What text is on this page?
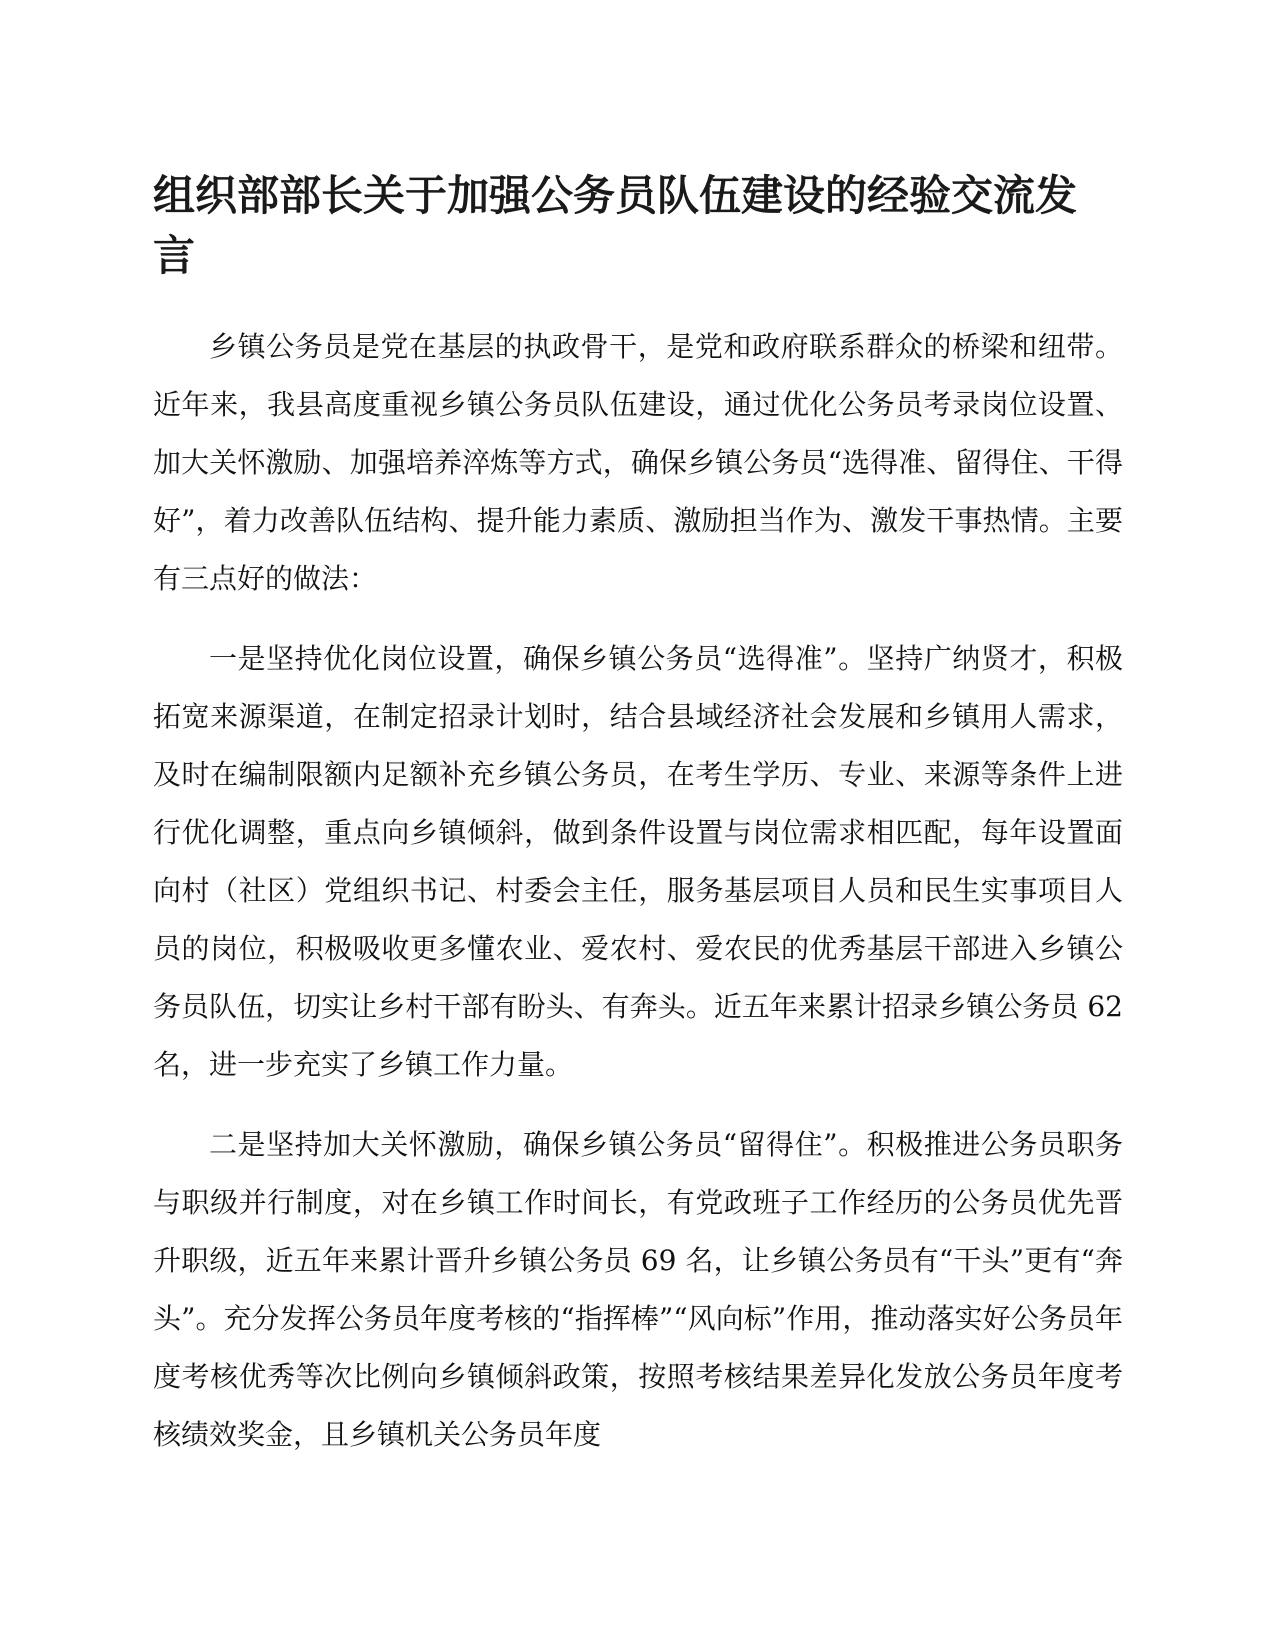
组织部部长关于加强公务员队伍建设的经验交流发言

乡镇公务员是党在基层的执政骨干，是党和政府联系群众的桥梁和纽带。近年来，我县高度重视乡镇公务员队伍建设，通过优化公务员考录岗位设置、加大关怀激励、加强培养淬炼等方式，确保乡镇公务员“选得准、留得住、干得好”，着力改善队伍结构、提升能力素质、激励担当作为、激发干事热情。主要有三点好的做法：

一是坚持优化岗位设置，确保乡镇公务员“选得准”。坚持广纳贤才，积极拓宽来源渠道，在制定招录计划时，结合县域经济社会发展和乡镇用人需求，及时在编制限额内足额补充乡镇公务员，在考生学历、专业、来源等条件上进行优化调整，重点向乡镇倾斜，做到条件设置与岗位需求相匹配，每年设置面向村（社区）党组织书记、村委会主任，服务基层项目人员和民生实事项目人员的岗位，积极吸收更多懂农业、爱农村、爱农民的优秀基层干部进入乡镇公务员队伍，切实让乡村干部有盼头、有奔头。近五年来累计招录乡镇公务员 62 名，进一步充实了乡镇工作力量。

二是坚持加大关怀激励，确保乡镇公务员“留得住”。积极推进公务员职务与职级并行制度，对在乡镇工作时间长，有党政班子工作经历的公务员优先晋升职级，近五年来累计晋升乡镇公务员 69 名，让乡镇公务员有“干头”更有“奔头”。充分发挥公务员年度考核的“指挥棒”“风向标”作用，推动落实好公务员年度考核优秀等次比例向乡镇倾斜政策，按照考核结果差异化发放公务员年度考核绩效奖金，且乡镇机关公务员年度
